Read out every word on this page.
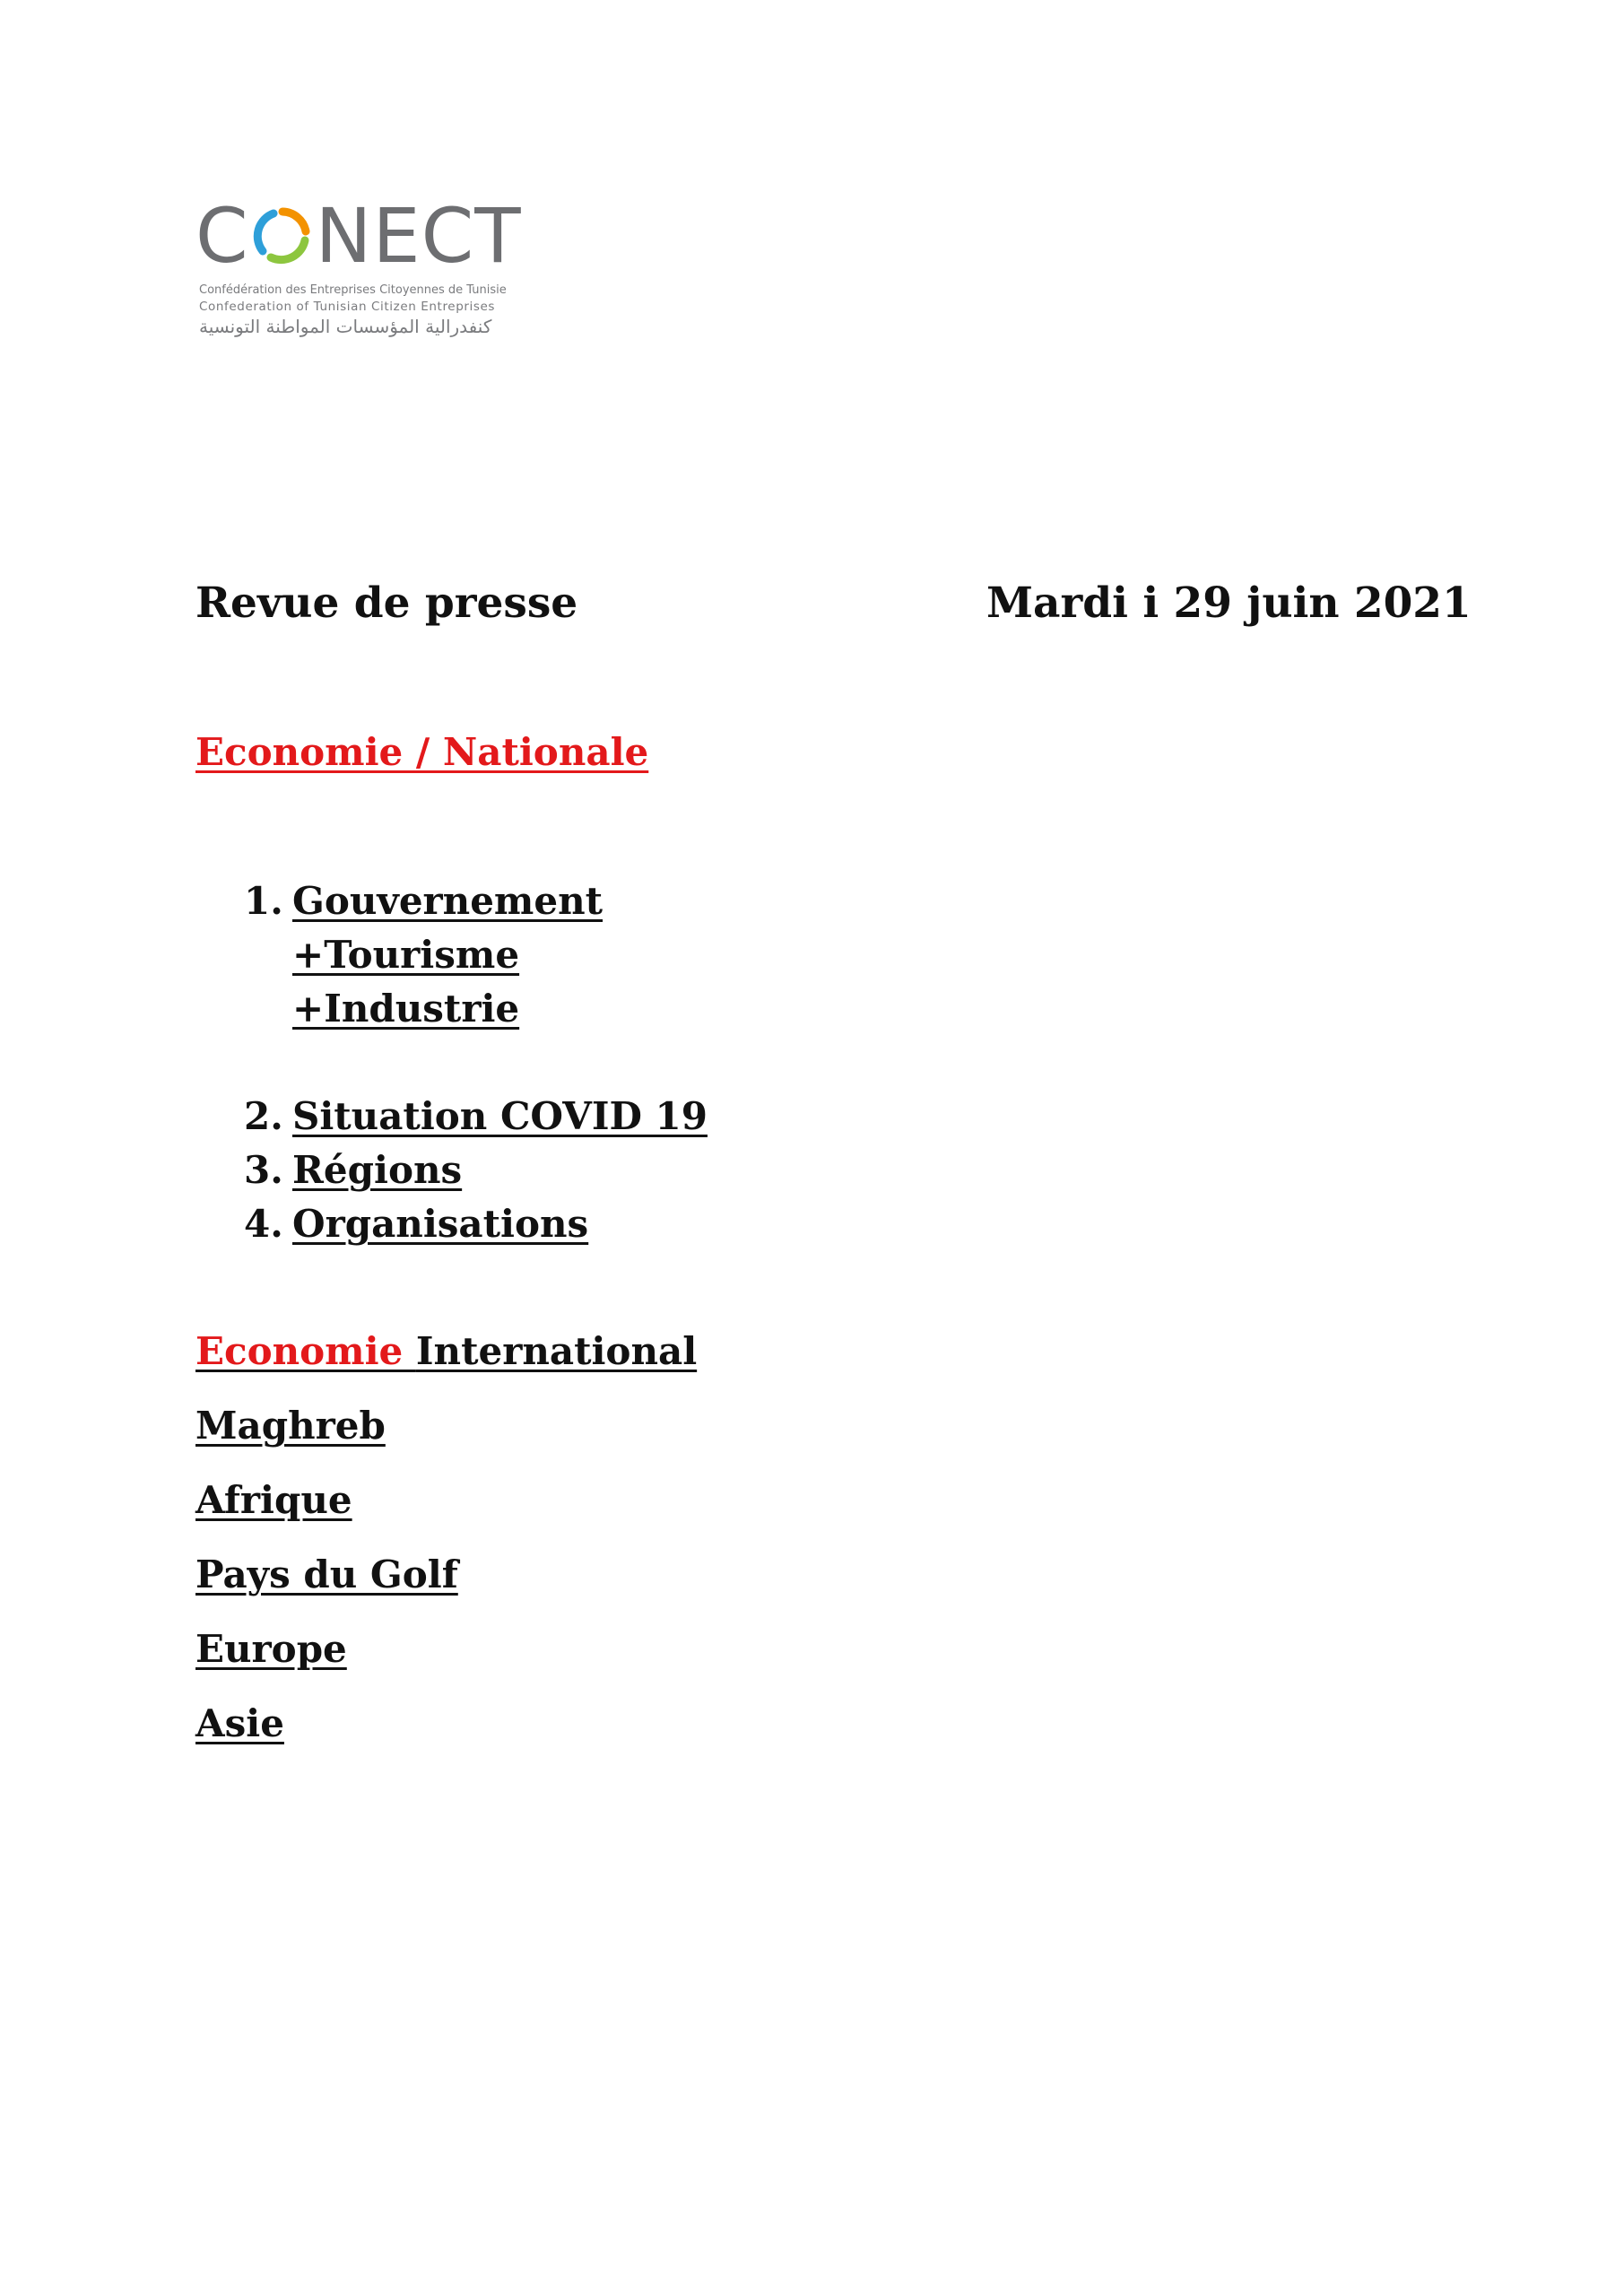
C NECT
Confédération des Entreprises Citoyennes de Tunisie
Confederation of Tunisian Citizen Entreprises
كنفدرالية المؤسسات المواطنة التونسية
Revue de presse	Mardi i 29 juin 2021
Economie / Nationale
1. Gouvernement
+Tourisme
+Industrie
2. Situation COVID 19
3. Régions
4. Organisations
Economie International
Maghreb
Afrique
Pays du Golf
Europe
Asie
